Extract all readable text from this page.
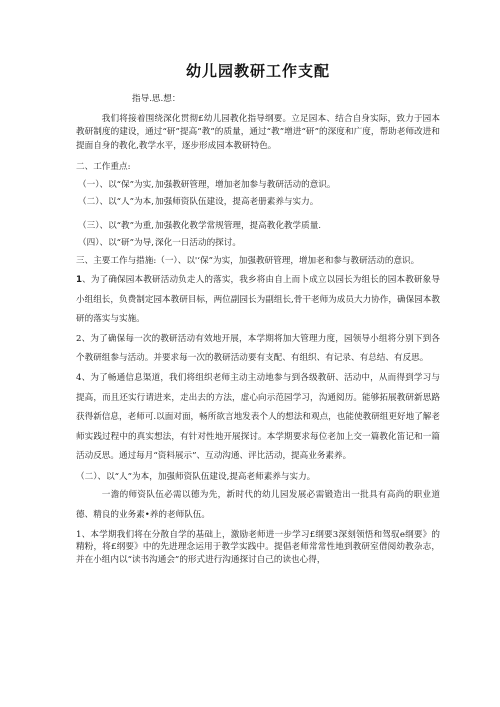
幼儿园教研工作支配

指导.思.想：

我们将接着围绕深化贯彻£幼儿园教化指导纲要。立足园本、结合自身实际，致力于园本教研制度的建设，通过“研”提高“教”的质量，通过“教”增进“研”的深度和广度，帮助老师改进和提面自身的教化,教学水平，逐步形成园本教研特色。

二、工作重点:

（一）、以“保”为实,加强教研管理，增加老加参与教研活动的意识。

（二）、以“人”为本,加强师资队伍建设，提高老册素养与实力。

（三）、以“教”为重,加强教化教学常规管理，提高教化教学质量.

（四）、以“研”为导,深化一日活动的探讨。

三、主要工作与措施:（一）、以'‘保”为实，加强教研管理，增加老和参与教研活动的意识。

1、为了确保园本教研活动负走人的落实，我乡将由自上而卜成立以园长为组长的园本教研象导小组组长，负费制定园本教研目标，两位副园长为副组长,骨干老师为成员大力协作，确保园本教研的落实与实施。

2、为了确保每一次的教研活动有效地开展，本学期将加大管理力度，园领导小组将分别下到各个教研组参与活动。并要求每一次的教研活动要有支配、有组织、有记录、有总结、有反思。

4、为了畅通信息渠道，我们将组织老师主动主动地参与到各级教研、活动中，从而得到学习与提高，而且还实行请进来，走出去的方法，虚心向示范园学习，沟通阅历。能够拓展教研新思路获得新信息，老师可.以面对面，畅所欲言地发表个人的想法和观点，也能使教研组更好地了解老师实践过程中的真实想法，有针对性地开展探讨。本学期要求每位老加上交一篇教化笛记和一篇活动反思。通过每月“资料展示”、互动沟通、评比活动，提高业务素养。

（二）、以“人”为本，加强师资队伍建设,提高老师素养与实力。

一澹的师资队伍必需以德为先，新时代的幼儿园发展必需锻造出一批具有高尚的职业道德、精良的业务素•养的老师队伍。

1、本学期我们将在分散自学的基础上，激励老师进一步学习£纲要3深刻领悟和驾驭e纲要》的精粉，将£纲要》中的先进理念运用于教学实践中。提倡老师常常性地到教研室借阅幼教杂志，并在小组内以“读书沟通会”的形式进行沟通探讨自己的读也心得，
